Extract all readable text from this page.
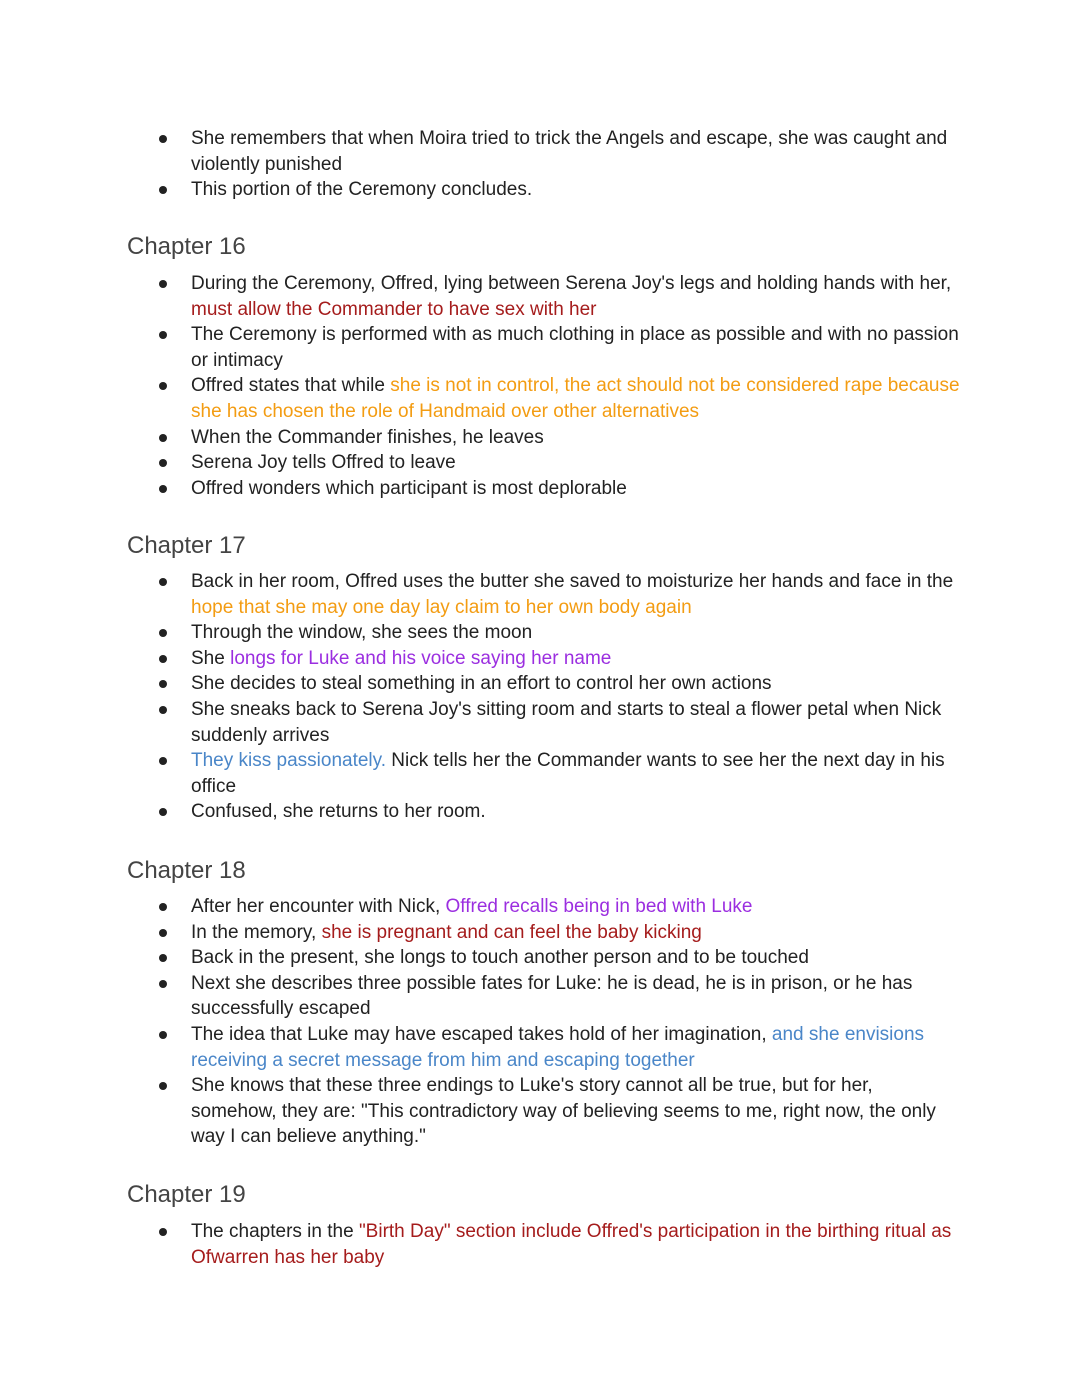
She remembers that when Moira tried to trick the Angels and escape, she was caught and violently punished
This portion of the Ceremony concludes.
Chapter 16
During the Ceremony, Offred, lying between Serena Joy's legs and holding hands with her, must allow the Commander to have sex with her
The Ceremony is performed with as much clothing in place as possible and with no passion or intimacy
Offred states that while she is not in control, the act should not be considered rape because she has chosen the role of Handmaid over other alternatives
When the Commander finishes, he leaves
Serena Joy tells Offred to leave
Offred wonders which participant is most deplorable
Chapter 17
Back in her room, Offred uses the butter she saved to moisturize her hands and face in the hope that she may one day lay claim to her own body again
Through the window, she sees the moon
She longs for Luke and his voice saying her name
She decides to steal something in an effort to control her own actions
She sneaks back to Serena Joy's sitting room and starts to steal a flower petal when Nick suddenly arrives
They kiss passionately. Nick tells her the Commander wants to see her the next day in his office
Confused, she returns to her room.
Chapter 18
After her encounter with Nick, Offred recalls being in bed with Luke
In the memory, she is pregnant and can feel the baby kicking
Back in the present, she longs to touch another person and to be touched
Next she describes three possible fates for Luke: he is dead, he is in prison, or he has successfully escaped
The idea that Luke may have escaped takes hold of her imagination, and she envisions receiving a secret message from him and escaping together
She knows that these three endings to Luke's story cannot all be true, but for her, somehow, they are: "This contradictory way of believing seems to me, right now, the only way I can believe anything."
Chapter 19
The chapters in the "Birth Day" section include Offred's participation in the birthing ritual as Ofwarren has her baby
